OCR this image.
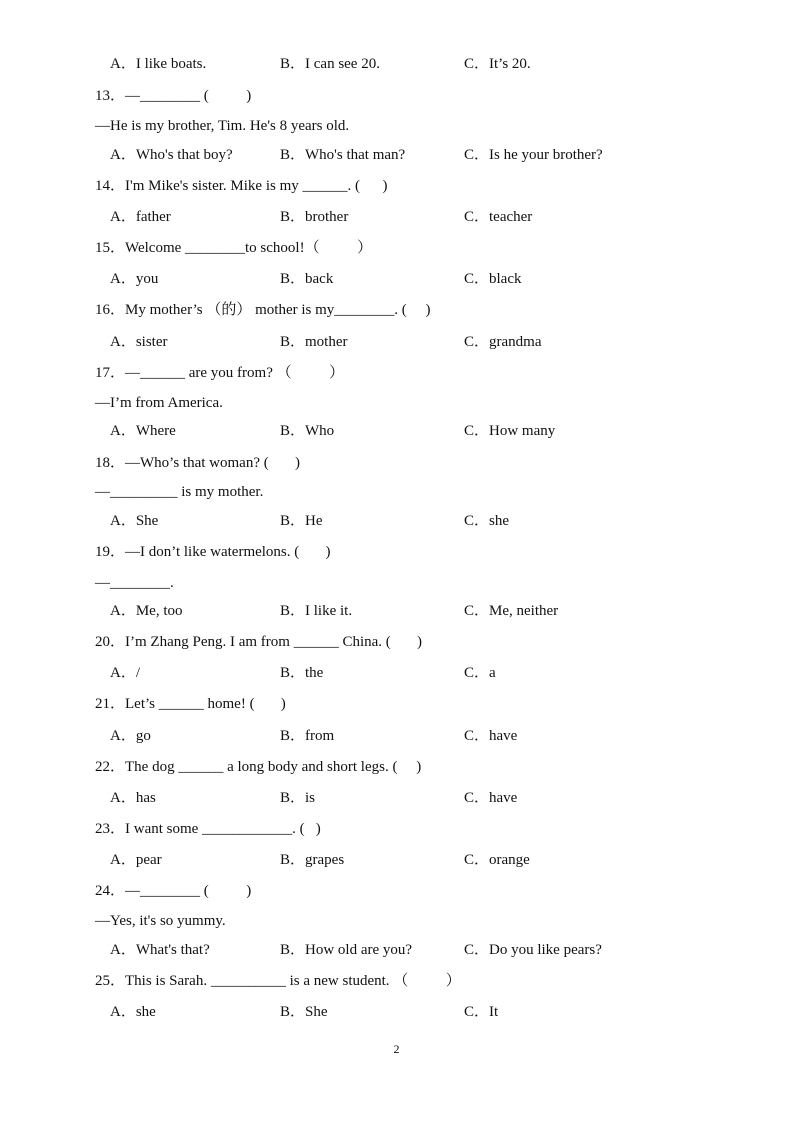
A．I like boats.	B．I can see 20.	C．It’s 20.
13．—________ (          )
—He is my brother, Tim. He's 8 years old.
A．Who's that boy?	B．Who's that man?	C．Is he your brother?
14．I'm Mike's sister. Mike is my ______. (      )
A．father	B．brother	C．teacher
15．Welcome ________to school!（          ）
A．you	B．back	C．black
16．My mother’s （的） mother is my________. (     )
A．sister	B．mother	C．grandma
17．—______ are you from? （          ）
—I’m from America.
A．Where	B．Who	C．How many
18．—Who’s that woman? (       )
—_________ is my mother.
A．She	B．He	C．she
19．—I don’t like watermelons. (       )
—________.
A．Me, too	B．I like it.	C．Me, neither
20．I’m Zhang Peng. I am from ______ China. (       )
A．/	B．the	C．a
21．Let’s ______ home! (       )
A．go	B．from	C．have
22．The dog ______ a long body and short legs. (     )
A．has	B．is	C．have
23．I want some ____________. (   )
A．pear	B．grapes	C．orange
24．—________ (          )
—Yes, it's so yummy.
A．What's that?	B．How old are you?	C．Do you like pears?
25．This is Sarah. __________ is a new student. （          ）
A．she	B．She	C．It
2
